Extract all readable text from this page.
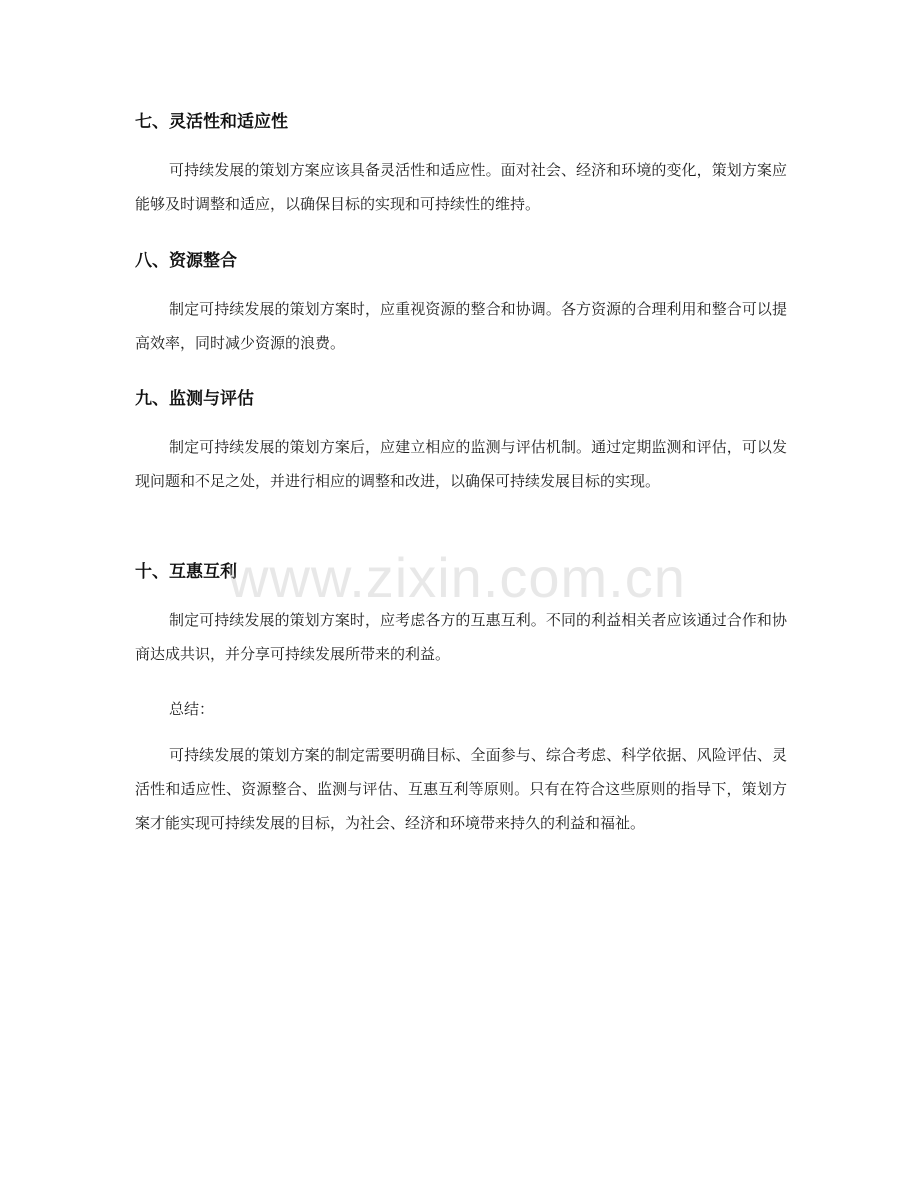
七、灵活性和适应性

可持续发展的策划方案应该具备灵活性和适应性。面对社会、经济和环境的变化，策划方案应能够及时调整和适应，以确保目标的实现和可持续性的维持。

八、资源整合

制定可持续发展的策划方案时，应重视资源的整合和协调。各方资源的合理利用和整合可以提高效率，同时减少资源的浪费。

九、监测与评估

制定可持续发展的策划方案后，应建立相应的监测与评估机制。通过定期监测和评估，可以发现问题和不足之处，并进行相应的调整和改进，以确保可持续发展目标的实现。

十、互惠互利

制定可持续发展的策划方案时，应考虑各方的互惠互利。不同的利益相关者应该通过合作和协商达成共识，并分享可持续发展所带来的利益。

总结：

可持续发展的策划方案的制定需要明确目标、全面参与、综合考虑、科学依据、风险评估、灵活性和适应性、资源整合、监测与评估、互惠互利等原则。只有在符合这些原则的指导下，策划方案才能实现可持续发展的目标，为社会、经济和环境带来持久的利益和福祉。

www.zixin.com.cn
